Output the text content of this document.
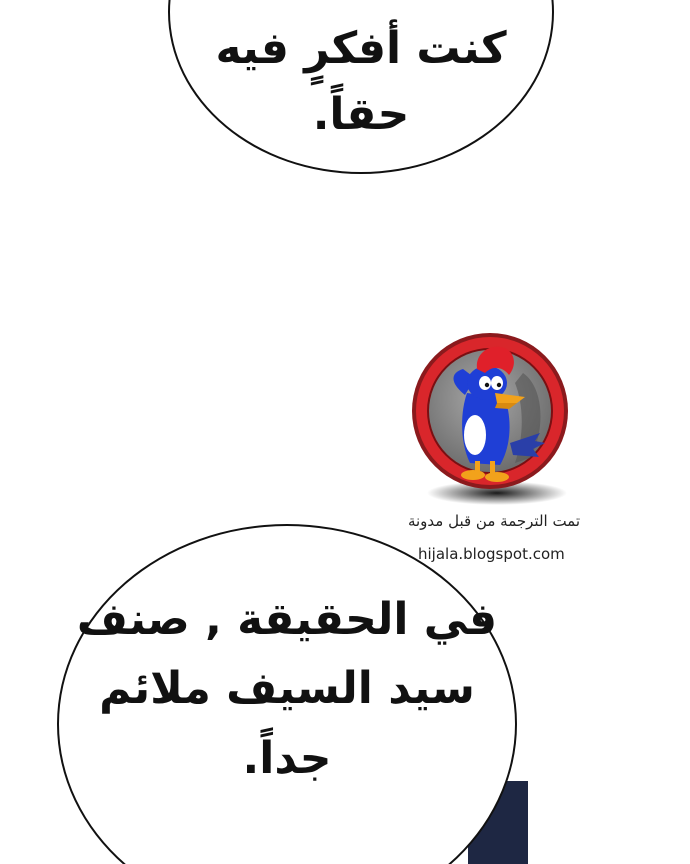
كنت أفكرٍ فيه
حقاً.
في الحقيقة , صنف
سيد السيف ملائم
جداً.
تمت الترجمة من قبل مدونة
hijala.blogspot.com
